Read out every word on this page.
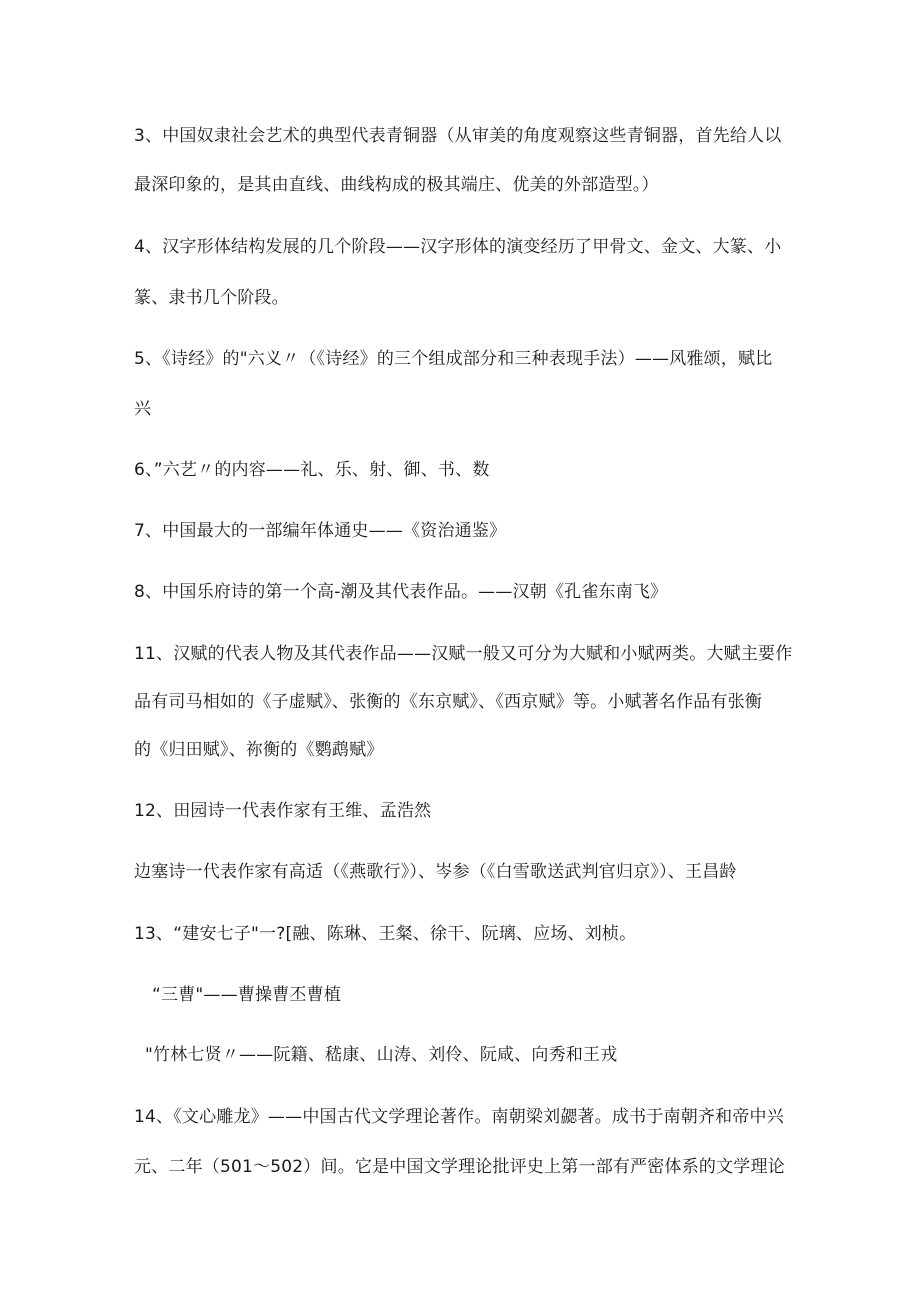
3、中国奴隶社会艺术的典型代表青铜器（从审美的角度观察这些青铜器，首先给人以
最深印象的，是其由直线、曲线构成的极其端庄、优美的外部造型。）
4、汉字形体结构发展的几个阶段——汉字形体的演变经历了甲骨文、金文、大篆、小
篆、隶书几个阶段。
5、《诗经》的"六义〃（《诗经》的三个组成部分和三种表现手法）——风雅颂，赋比
兴
6、”六艺〃的内容——礼、乐、射、御、书、数
7、中国最大的一部编年体通史——《资治通鉴》
8、中国乐府诗的第一个高-潮及其代表作品。——汉朝《孔雀东南飞》
11、汉赋的代表人物及其代表作品——汉赋一般又可分为大赋和小赋两类。大赋主要作
品有司马相如的《子虚赋》、张衡的《东京赋》、《西京赋》等。小赋著名作品有张衡
的《归田赋》、祢衡的《鹦鹉赋》
12、田园诗一代表作家有王维、孟浩然
边塞诗一代表作家有高适（《燕歌行》）、岑参（《白雪歌送武判官归京》）、王昌龄
13、“建安七子"一?[融、陈琳、王粲、徐干、阮璃、应场、刘桢。
“三曹"——曹操曹丕曹植
"竹林七贤〃——阮籍、嵇康、山涛、刘伶、阮咸、向秀和王戎
14、《文心雕龙》——中国古代文学理论著作。南朝梁刘勰著。成书于南朝齐和帝中兴
元、二年（501～502）间。它是中国文学理论批评史上第一部有严密体系的文学理论
